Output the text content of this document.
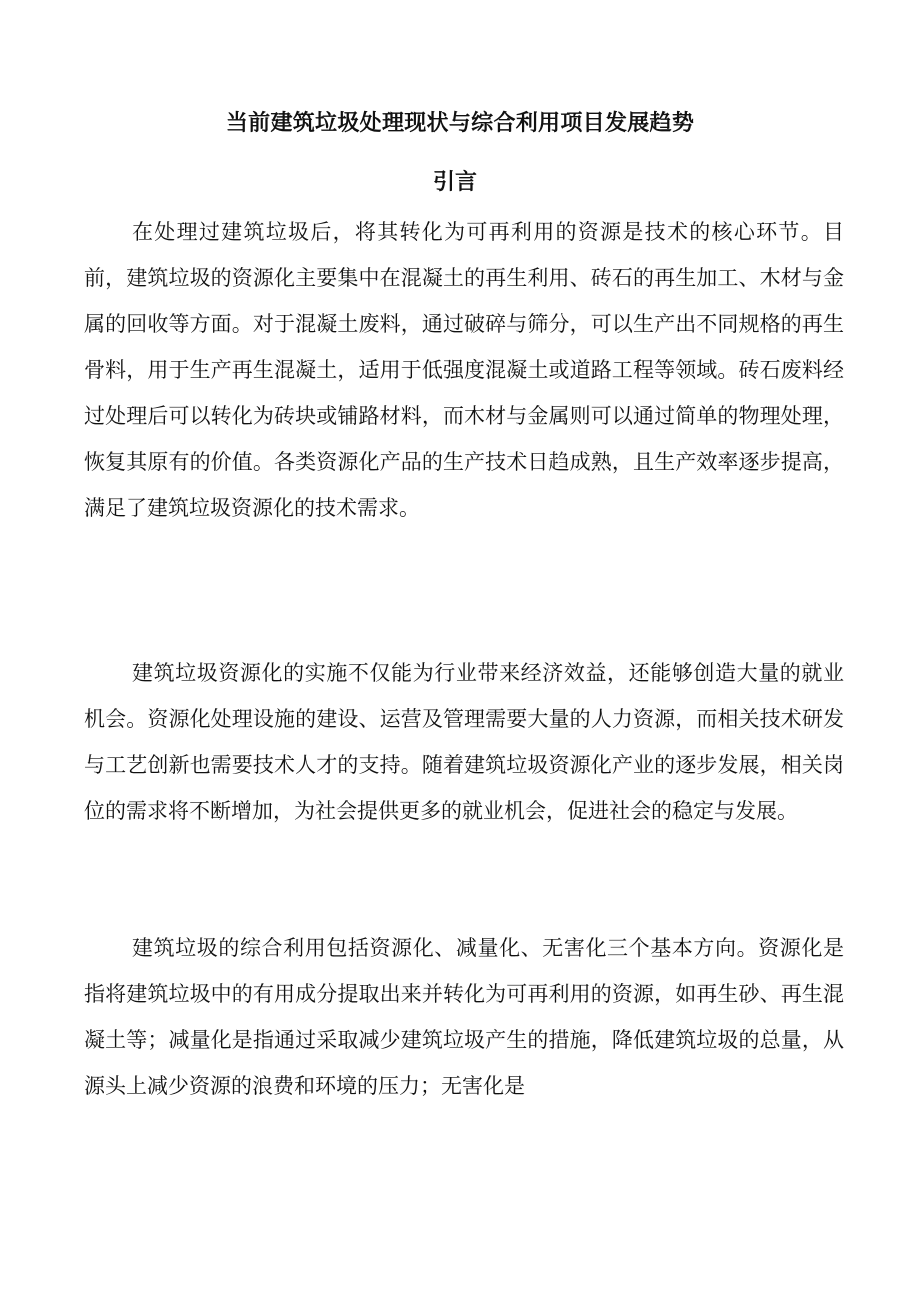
当前建筑垃圾处理现状与综合利用项目发展趋势
引言

在处理过建筑垃圾后，将其转化为可再利用的资源是技术的核心环节。目前，建筑垃圾的资源化主要集中在混凝土的再生利用、砖石的再生加工、木材与金属的回收等方面。对于混凝土废料，通过破碎与筛分，可以生产出不同规格的再生骨料，用于生产再生混凝土，适用于低强度混凝土或道路工程等领域。砖石废料经过处理后可以转化为砖块或铺路材料，而木材与金属则可以通过简单的物理处理，恢复其原有的价值。各类资源化产品的生产技术日趋成熟，且生产效率逐步提高，满足了建筑垃圾资源化的技术需求。

建筑垃圾资源化的实施不仅能为行业带来经济效益，还能够创造大量的就业机会。资源化处理设施的建设、运营及管理需要大量的人力资源，而相关技术研发与工艺创新也需要技术人才的支持。随着建筑垃圾资源化产业的逐步发展，相关岗位的需求将不断增加，为社会提供更多的就业机会，促进社会的稳定与发展。

建筑垃圾的综合利用包括资源化、减量化、无害化三个基本方向。资源化是指将建筑垃圾中的有用成分提取出来并转化为可再利用的资源，如再生砂、再生混凝土等；减量化是指通过采取减少建筑垃圾产生的措施，降低建筑垃圾的总量，从源头上减少资源的浪费和环境的压力；无害化是
